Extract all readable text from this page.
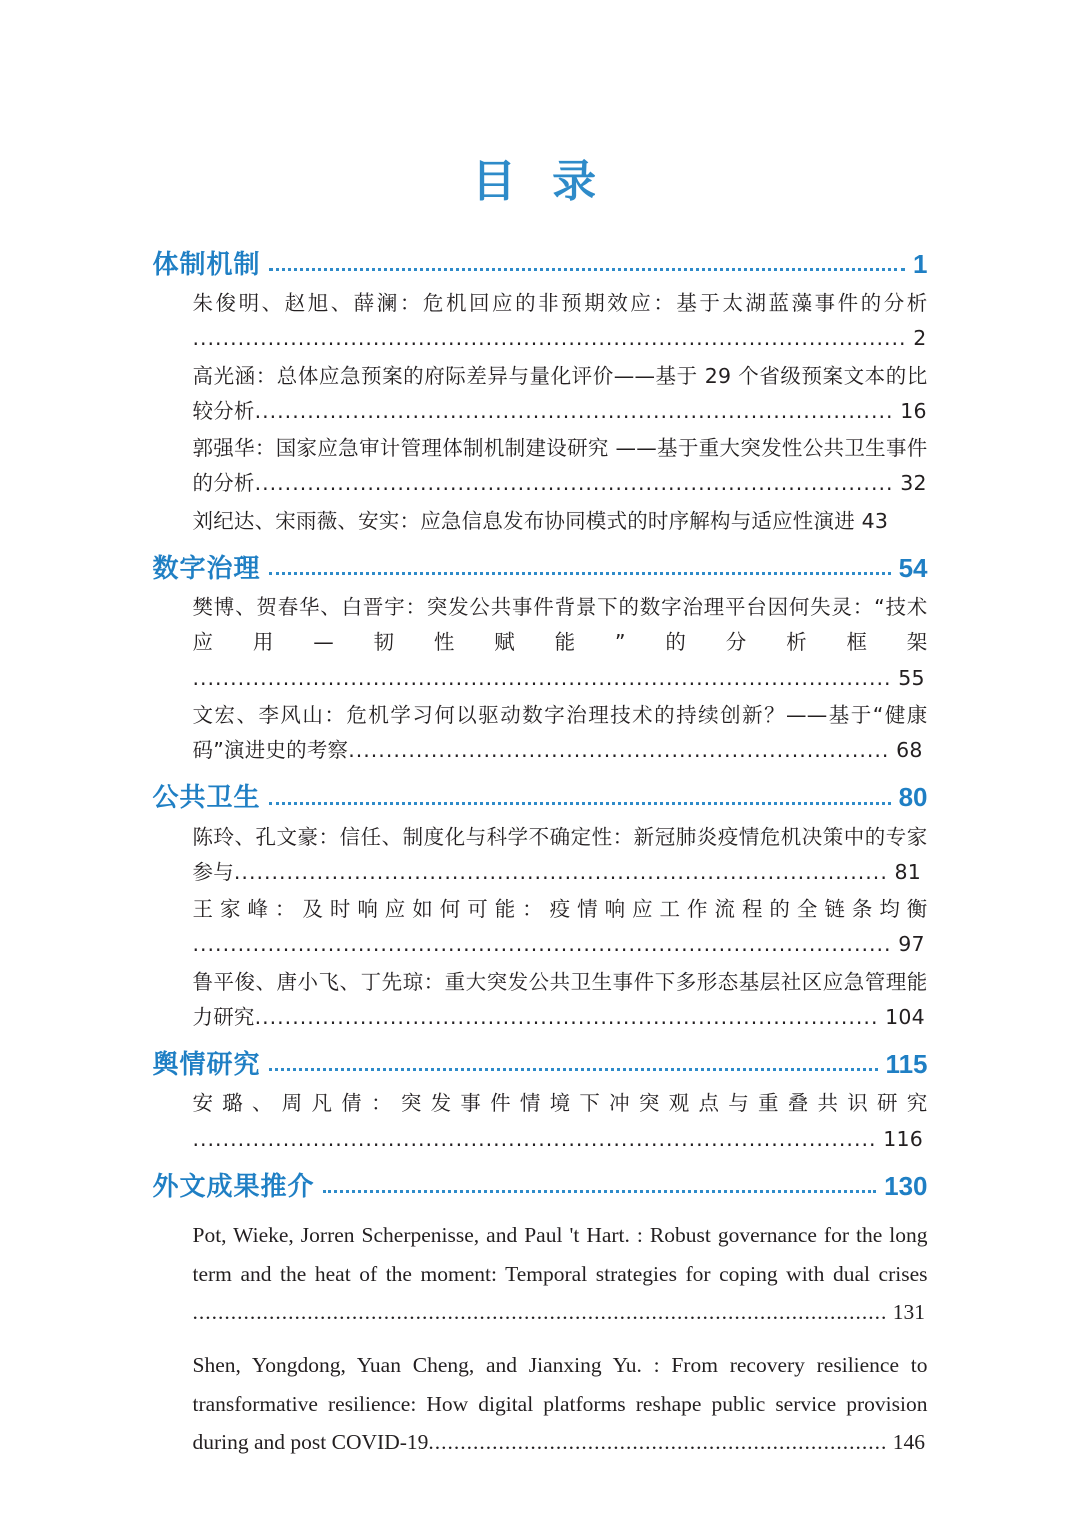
目 录
体制机制	1
朱俊明、赵旭、薛澜：危机回应的非预期效应：基于太湖蓝藻事件的分析............................................................................................... 2
高光涵：总体应急预案的府际差异与量化评价——基于 29 个省级预案文本的比较分析..................................................................................... 16
郭强华：国家应急审计管理体制机制建设研究 ——基于重大突发性公共卫生事件的分析..................................................................................... 32
刘纪达、宋雨薇、安实：应急信息发布协同模式的时序解构与适应性演进 43
数字治理	54
樊博、贺春华、白晋宇：突发公共事件背景下的数字治理平台因何失灵：“技术应用—韧性赋能”的分析框架............................................................................................. 55
文宏、李风山：危机学习何以驱动数字治理技术的持续创新？——基于“健康码”演进史的考察........................................................................ 68
公共卫生	80
陈玲、孔文豪：信任、制度化与科学不确定性：新冠肺炎疫情危机决策中的专家参与....................................................................................... 81
王家峰：及时响应如何可能：疫情响应工作流程的全链条均衡............................................................................................. 97
鲁平俊、唐小飞、丁先琼：重大突发公共卫生事件下多形态基层社区应急管理能力研究................................................................................... 104
舆情研究	115
安璐、周凡倩：突发事件情境下冲突观点与重叠共识研究........................................................................................... 116
外文成果推介	130
Pot, Wieke, Jorren Scherpenisse, and Paul 't Hart. : Robust governance for the long term and the heat of the moment: Temporal strategies for coping with dual crises............................................................................................................. 131
Shen, Yongdong, Yuan Cheng, and Jianxing Yu. : From recovery resilience to transformative resilience: How digital platforms reshape public service provision during and post COVID-19........................................................................ 146
